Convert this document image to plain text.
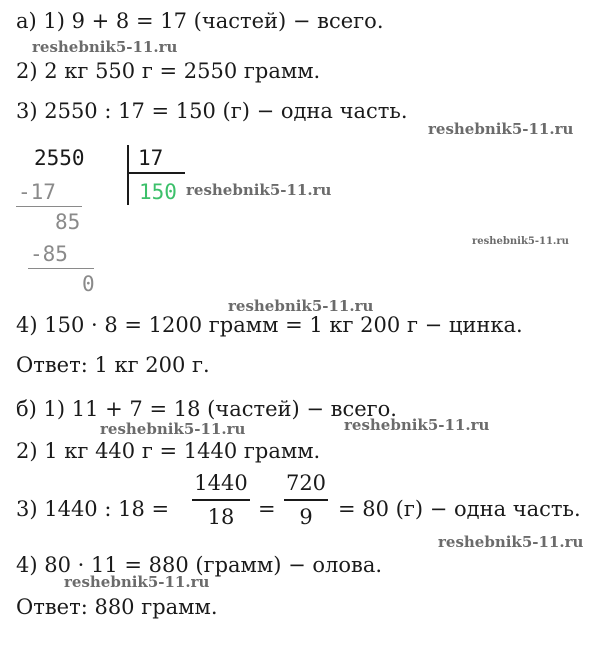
а) 1) 9 + 8 = 17 (частей) − всего.
2) 2 кг 550 г = 2550 грамм.
3) 2550 : 17 = 150 (г) − одна часть.
2550	17
150
-17
85
-85
0
4) 150 · 8 = 1200 грамм = 1 кг 200 г − цинка.
Ответ: 1 кг 200 г.
б) 1) 11 + 7 = 18 (частей) − всего.
2) 1 кг 440 г = 1440 грамм.
3) 1440 : 18 =
1440
18	=
720
9	= 80 (г) − одна часть.
4) 80 · 11 = 880 (грамм) − олова.
Ответ: 880 грамм.
reshebnik5-11.ru
reshebnik5-11.ru
reshebnik5-11.ru
reshebnik5-11.ru
reshebnik5-11.ru
reshebnik5-11.ru	reshebnik5-11.ru
reshebnik5-11.ru
reshebnik5-11.ru
